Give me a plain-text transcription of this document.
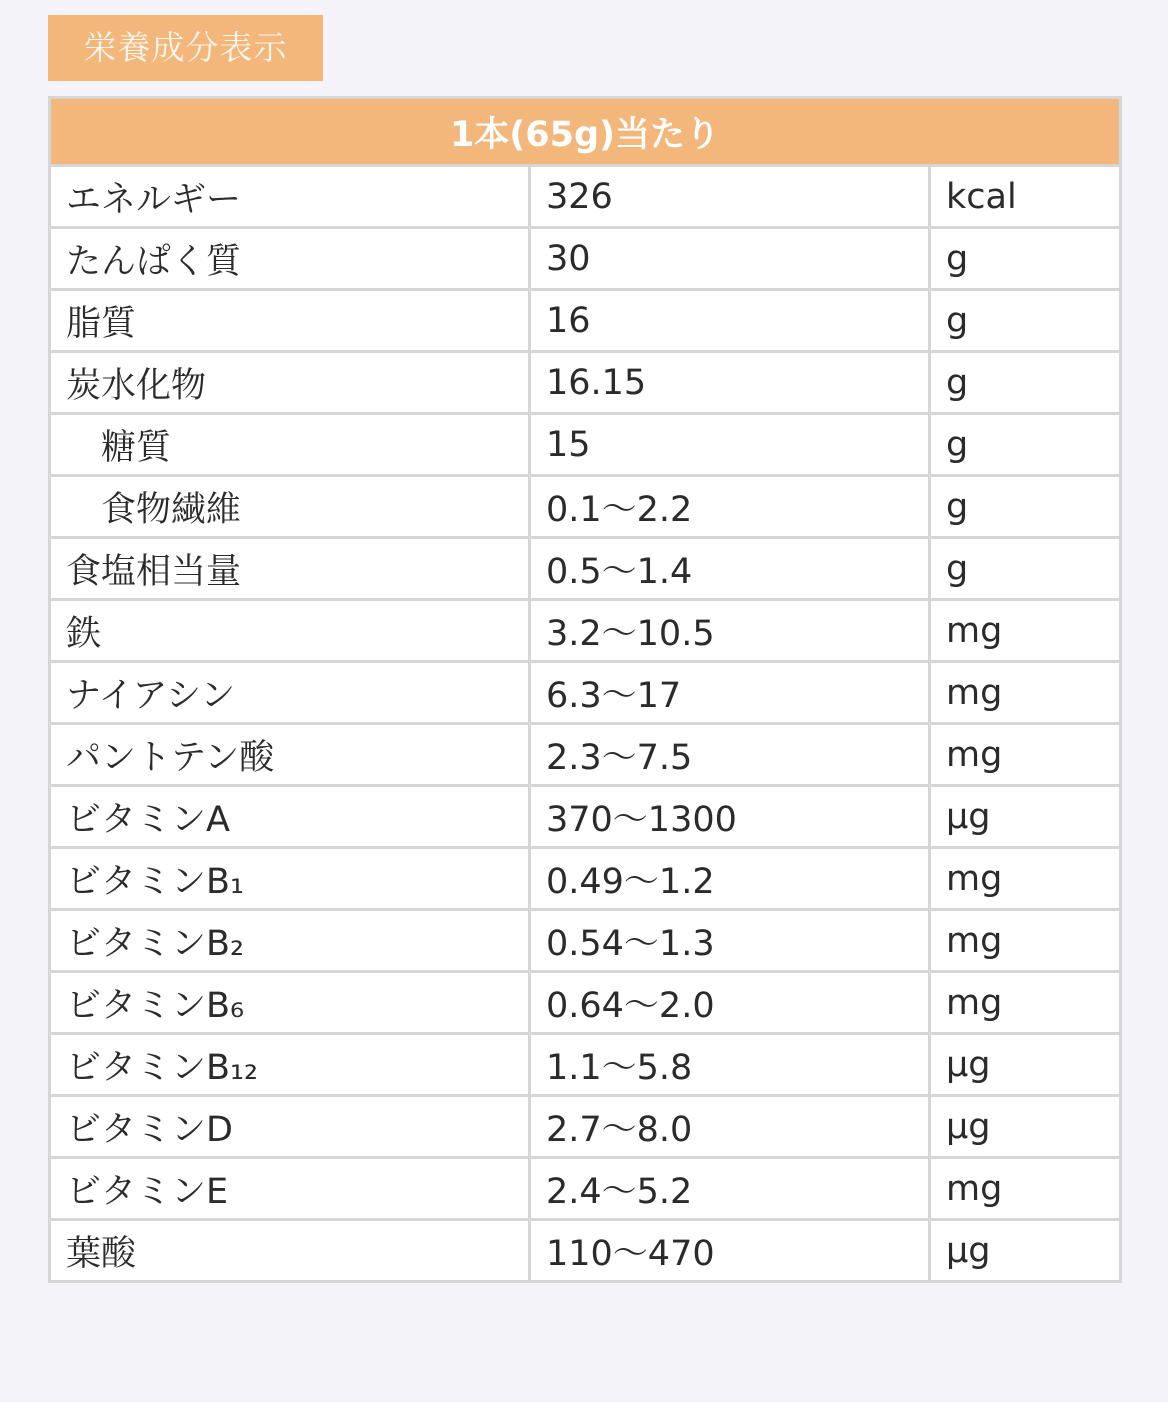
栄養成分表示
1本(65g)当たり		
エネルギー	326	kcal
たんぱく質	30	g
脂質	16	g
炭水化物	16.15	g
糖質	15	g
食物繊維	0.1〜2.2	g
食塩相当量	0.5〜1.4	g
鉄	3.2〜10.5	mg
ナイアシン	6.3〜17	mg
パントテン酸	2.3〜7.5	mg
ビタミンA	370〜1300	μg
ビタミンB₁	0.49〜1.2	mg
ビタミンB₂	0.54〜1.3	mg
ビタミンB₆	0.64〜2.0	mg
ビタミンB₁₂	1.1〜5.8	μg
ビタミンD	2.7〜8.0	μg
ビタミンE	2.4〜5.2	mg
葉酸	110〜470	μg
